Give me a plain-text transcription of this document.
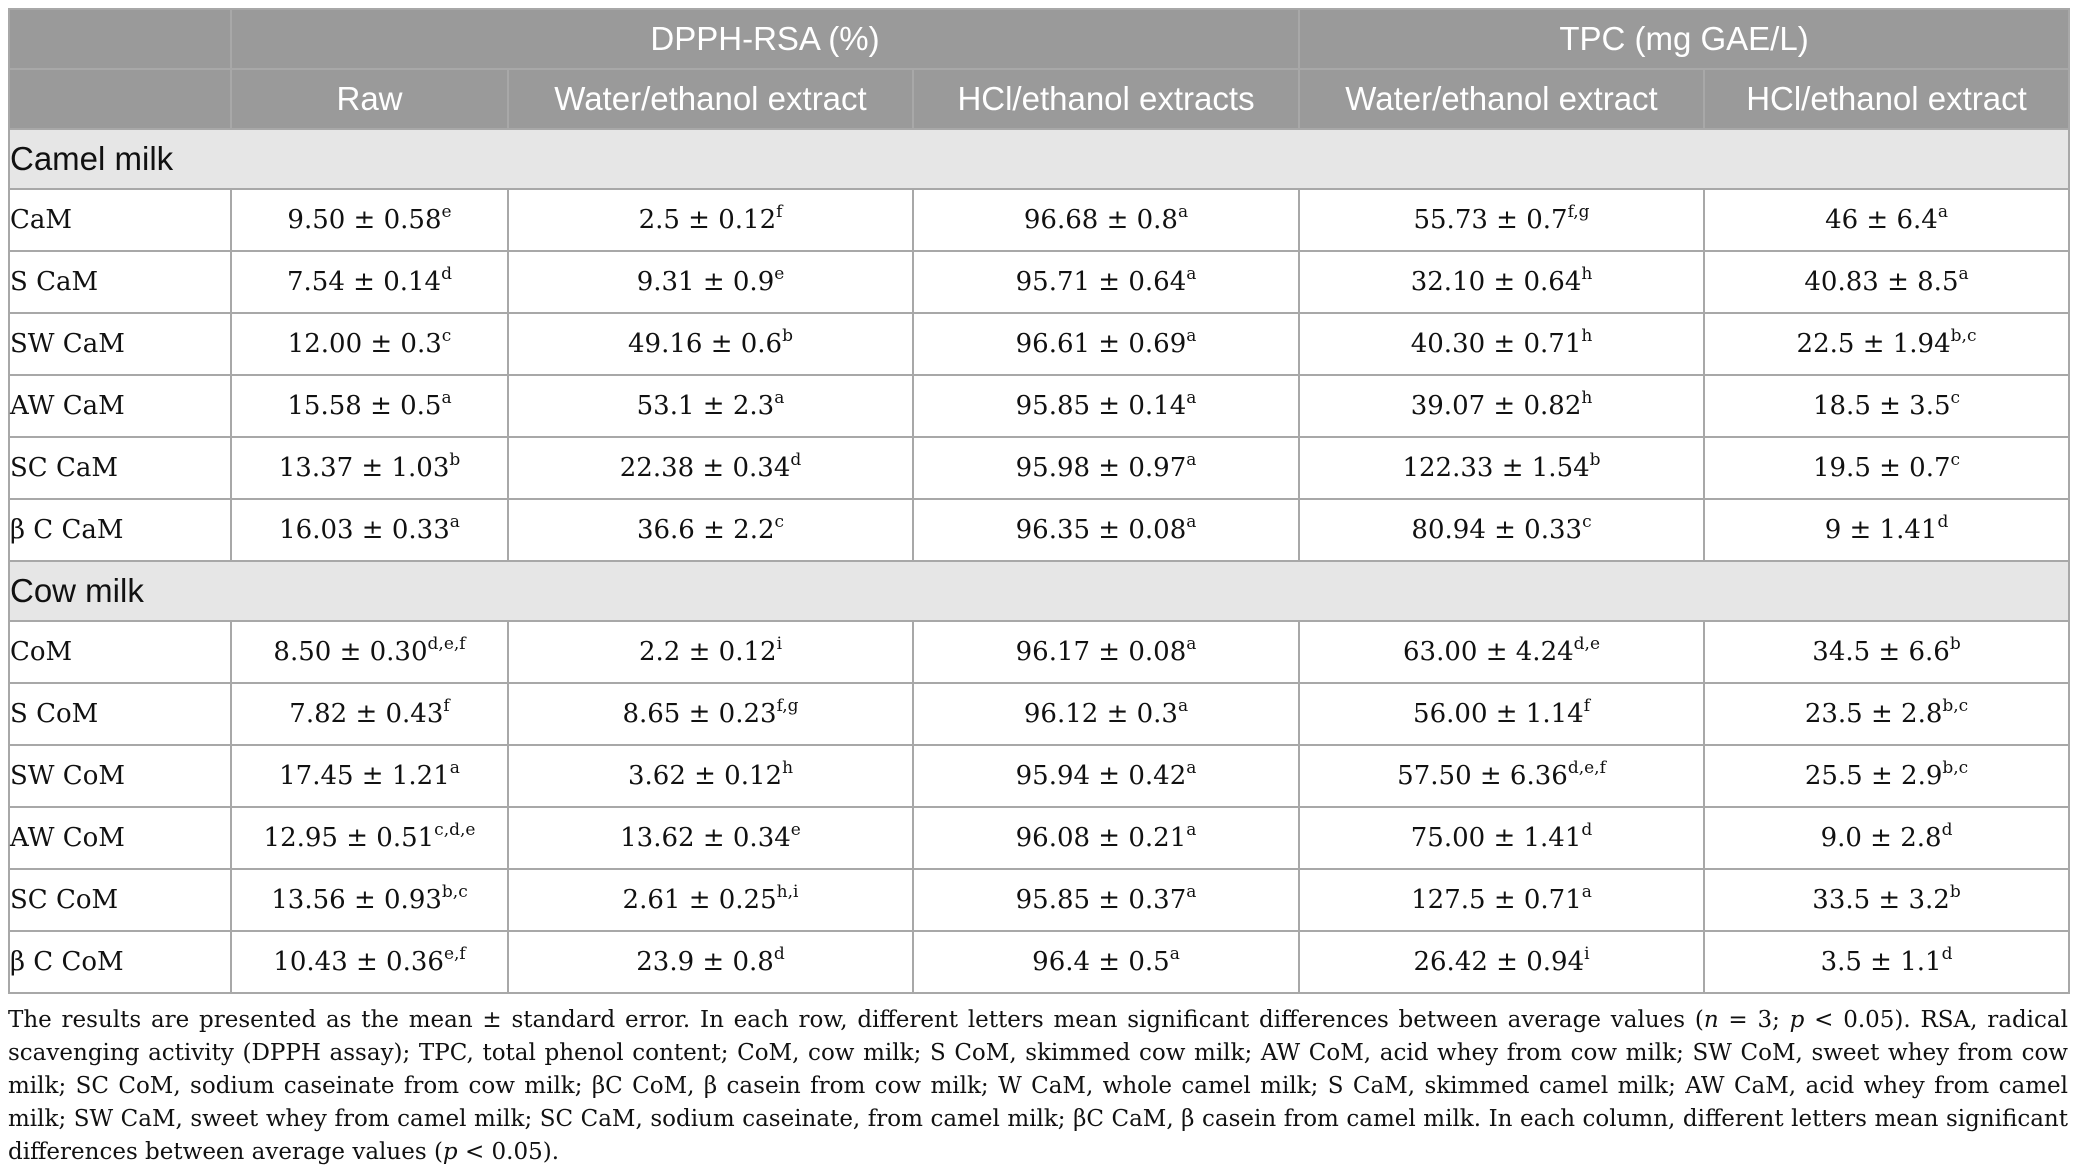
	DPPH-RSA (%)			TPC (mg GAE/L)	
	Raw	Water/ethanol extract	HCl/ethanol extracts	Water/ethanol extract	HCl/ethanol extract
Camel milk					
CaM	9.50 ± 0.58$^e$	2.5 ± 0.12$^f$	96.68 ± 0.8$^a$	$55.73 \pm 0.7^{f,g}$	46 ± 6.4$^a$
S CaM	7.54 ± 0.14$^d$	9.31 ± 0.9$^e$	95.71 ± 0.64$^a$	32.10 ± 0.64$^h$	40.83 ± 8.5$^a$
SW CaM	12.00 ± 0.3$^c$	49.16 ± 0.6$^b$	96.61 ± 0.69$^a$	40.30 ± 0.71$^h$	$22.5 \pm 1.94^{b,c}$
AW CaM	15.58 ± 0.5$^a$	53.1 ± 2.3$^a$	95.85 ± 0.14$^a$	39.07 ± 0.82$^h$	18.5 ± 3.5$^c$
SC CaM	13.37 ± 1.03$^b$	22.38 ± 0.34$^d$	95.98 ± 0.97$^a$	122.33 ± 1.54$^b$	19.5 ± 0.7$^c$
β C CaM	16.03 ± 0.33$^a$	36.6 ± 2.2$^c$	96.35 ± 0.08$^a$	80.94 ± 0.33$^c$	9 ± 1.41$^d$
Cow milk					
CoM	$8.50 \pm 0.30^{d,e,f}$	$2.2 \pm 0.12^i$	96.17 ± 0.08$^a$	$63.00 \pm 4.24^{d,e}$	34.5 ± 6.6$^b$
S CoM	7.82 ± 0.43$^f$	$8.65 \pm 0.23^{f,g}$	96.12 ± 0.3$^a$	56.00 ± 1.14$^f$	$23.5 \pm 2.8^{b,c}$
SW CoM	17.45 ± 1.21$^a$	3.62 ± 0.12$^h$	95.94 ± 0.42$^a$	$57.50 \pm 6.36^{d,e,f}$	$25.5 \pm 2.9^{b,c}$
AW CoM	$12.95 \pm 0.51^{c,d,e}$	13.62 ± 0.34$^e$	96.08 ± 0.21$^a$	75.00 ± 1.41$^d$	9.0 ± 2.8$^d$
SC CoM	$13.56 \pm 0.93^{b,c}$	$2.61 \pm 0.25^{h,i}$	95.85 ± 0.37$^a$	127.5 ± 0.71$^a$	33.5 ± 3.2$^b$
β C CoM	$10.43 \pm 0.36^{e,f}$	23.9 ± 0.8$^d$	96.4 ± 0.5$^a$	$26.42 \pm 0.94^i$	3.5 ± 1.1$^d$
The results are presented as the mean ± standard error. In each row, different letters mean significant differences between average values (n = 3; p < 0.05). RSA, radical scavenging activity (DPPH assay); TPC, total phenol content; CoM, cow milk; S CoM, skimmed cow milk; AW CoM, acid whey from cow milk; SW CoM, sweet whey from cow milk; SC CoM, sodium caseinate from cow milk; βC CoM, β casein from cow milk; W CaM, whole camel milk; S CaM, skimmed camel milk; AW CaM, acid whey from camel milk; SW CaM, sweet whey from camel milk; SC CaM, sodium caseinate, from camel milk; βC CaM, β casein from camel milk. In each column, different letters mean significant differences between average values (p < 0.05).
